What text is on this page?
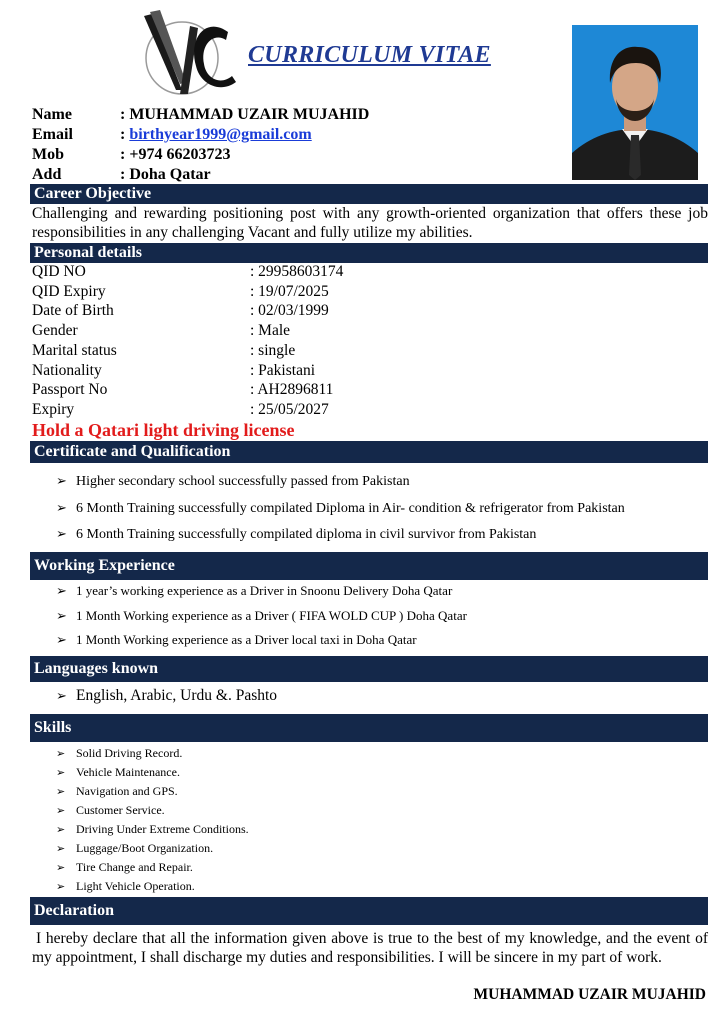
CURRICULUM VITAE
Name	: MUHAMMAD UZAIR MUJAHID
Email	: birthyear1999@gmail.com
Mob	: +974 66203723
Add	: Doha Qatar
Career Objective
Challenging and rewarding positioning post with any growth-oriented organization that offers these job responsibilities in any challenging Vacant and fully utilize my abilities.
Personal details
QID NO	: 29958603174
QID Expiry	: 19/07/2025
Date of Birth	: 02/03/1999
Gender	: Male
Marital status	: single
Nationality	: Pakistani
Passport No	: AH2896811
Expiry	: 25/05/2027
Hold a Qatari light driving license
Certificate and Qualification
➢ Higher secondary school successfully passed from Pakistan
➢ 6 Month Training successfully compilated Diploma in Air- condition & refrigerator from Pakistan
➢ 6 Month Training successfully compilated diploma in civil survivor from Pakistan
Working Experience
➢ 1 year’s working experience as a Driver in Snoonu Delivery Doha Qatar
➢ 1 Month Working experience as a Driver ( FIFA WOLD CUP ) Doha Qatar
➢ 1 Month Working experience as a Driver local taxi in Doha Qatar
Languages known
➢ English, Arabic, Urdu &. Pashto
Skills
➢ Solid Driving Record.
➢ Vehicle Maintenance.
➢ Navigation and GPS.
➢ Customer Service.
➢ Driving Under Extreme Conditions.
➢ Luggage/Boot Organization.
➢ Tire Change and Repair.
➢ Light Vehicle Operation.
Declaration
I hereby declare that all the information given above is true to the best of my knowledge, and the event of my appointment, I shall discharge my duties and responsibilities. I will be sincere in my part of work.
MUHAMMAD UZAIR MUJAHID
